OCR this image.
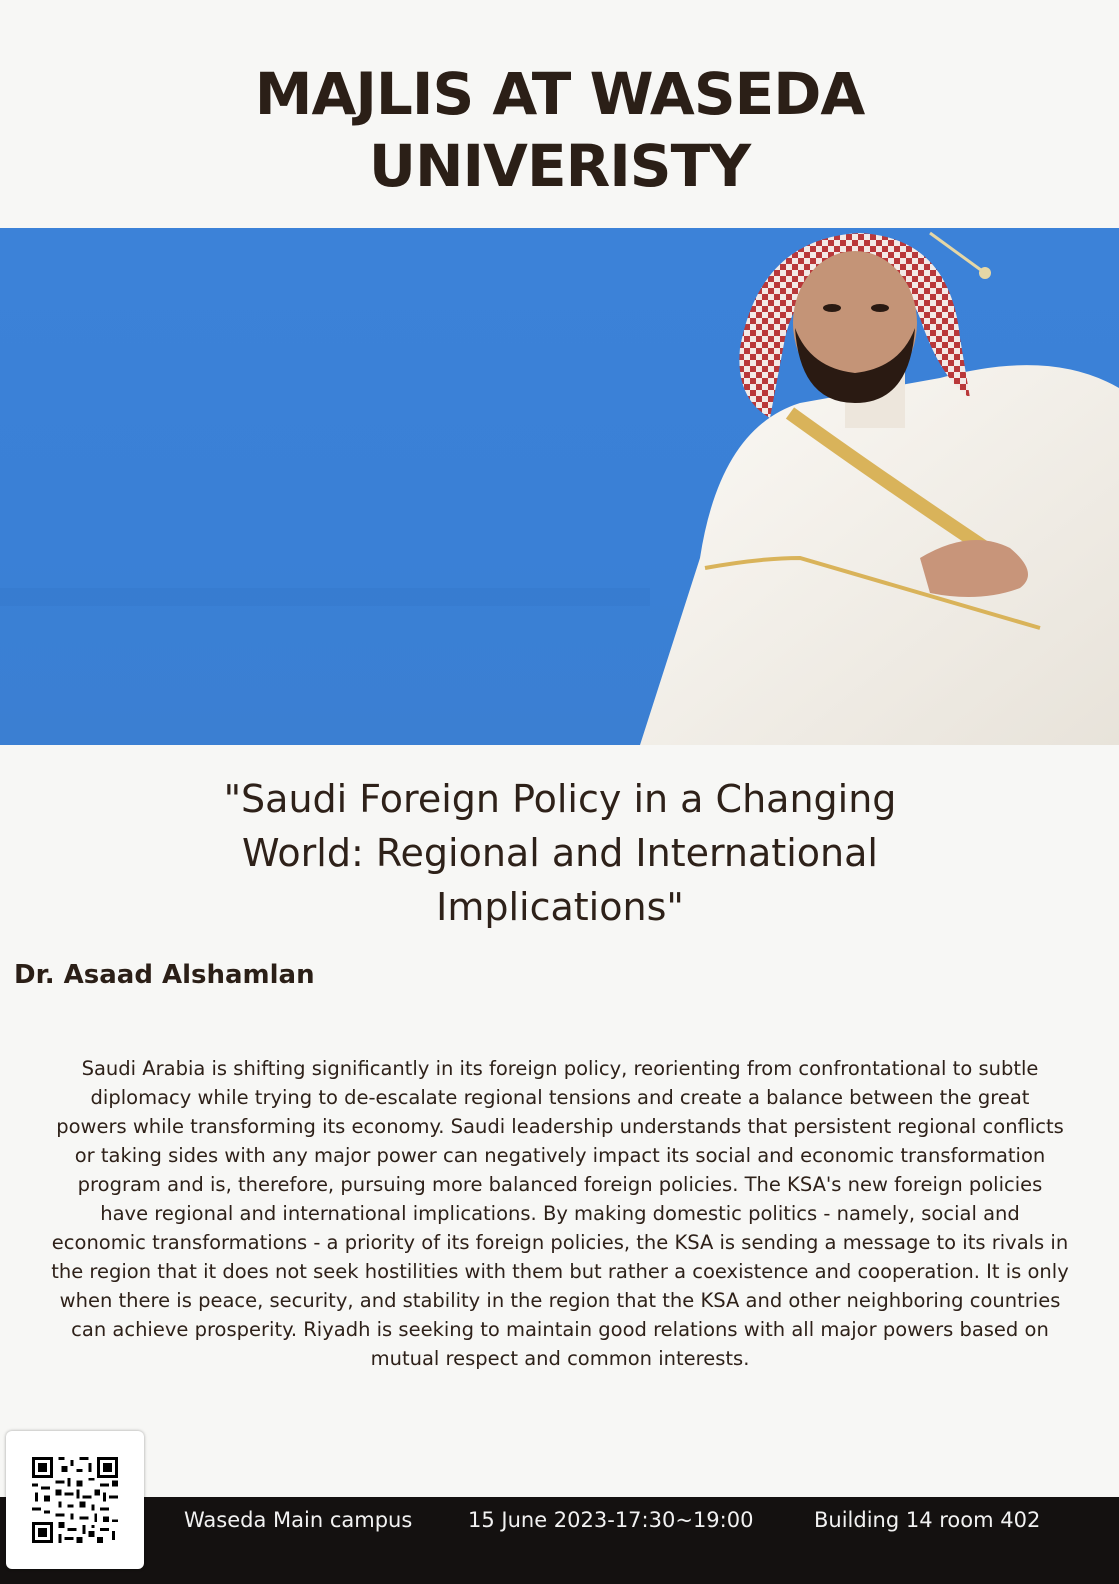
MAJLIS AT WASEDA
UNIVERISTY
"Saudi Foreign Policy in a Changing
World: Regional and International
Implications"
Dr. Asaad Alshamlan
Saudi Arabia is shifting significantly in its foreign policy, reorienting from confrontational to subtle
diplomacy while trying to de-escalate regional tensions and create a balance between the great
powers while transforming its economy. Saudi leadership understands that persistent regional conflicts
or taking sides with any major power can negatively impact its social and economic transformation
program and is, therefore, pursuing more balanced foreign policies. The KSA's new foreign policies
have regional and international implications. By making domestic politics - namely, social and
economic transformations - a priority of its foreign policies, the KSA is sending a message to its rivals in
the region that it does not seek hostilities with them but rather a coexistence and cooperation. It is only
when there is peace, security, and stability in the region that the KSA and other neighboring countries
can achieve prosperity. Riyadh is seeking to maintain good relations with all major powers based on
mutual respect and common interests.
Waseda Main campus	15 June 2023-17:30~19:00	Building 14 room 402
